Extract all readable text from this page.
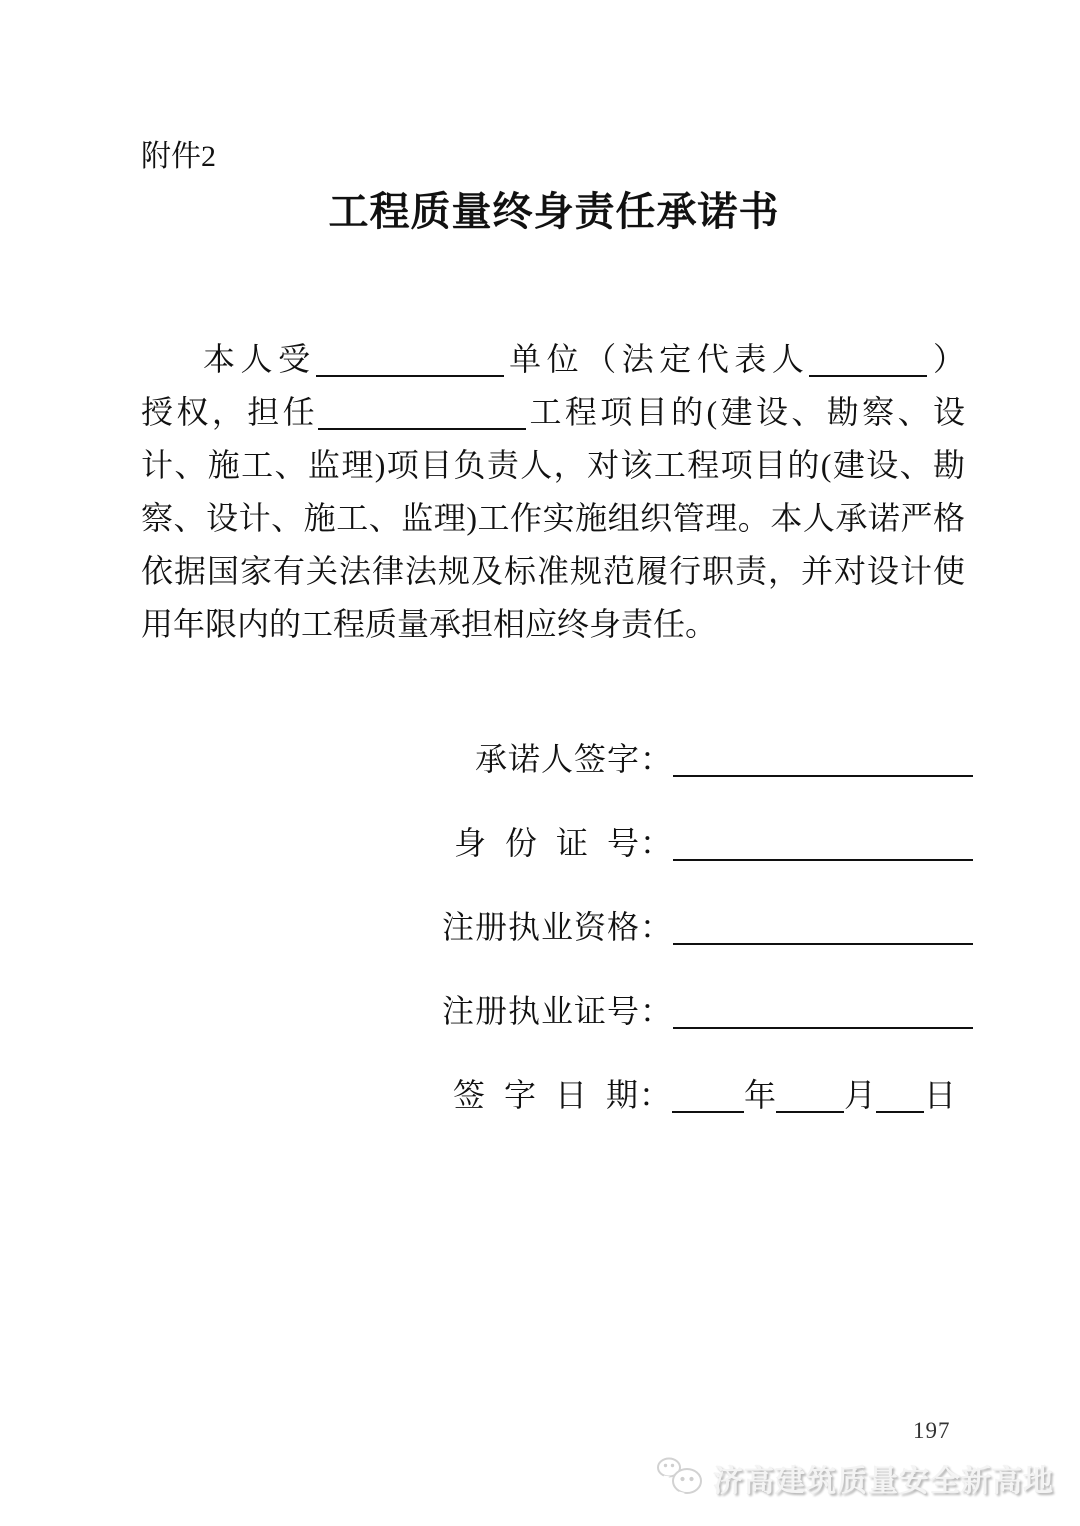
附件2
工程质量终身责任承诺书
本人受	单位（法定代表人	）
授权，担任	工程项目的(建设、勘察、设
计、施工、监理)项目负责人，对该工程项目的(建设、勘
察、设计、施工、监理)工作实施组织管理。本人承诺严格
依据国家有关法律法规及标准规范履行职责，并对设计使
用年限内的工程质量承担相应终身责任。
承诺人签字：
身  份  证  号：
注册执业资格：
注册执业证号：
签  字  日  期： 年 月 日
197
济高建筑质量安全新高地
